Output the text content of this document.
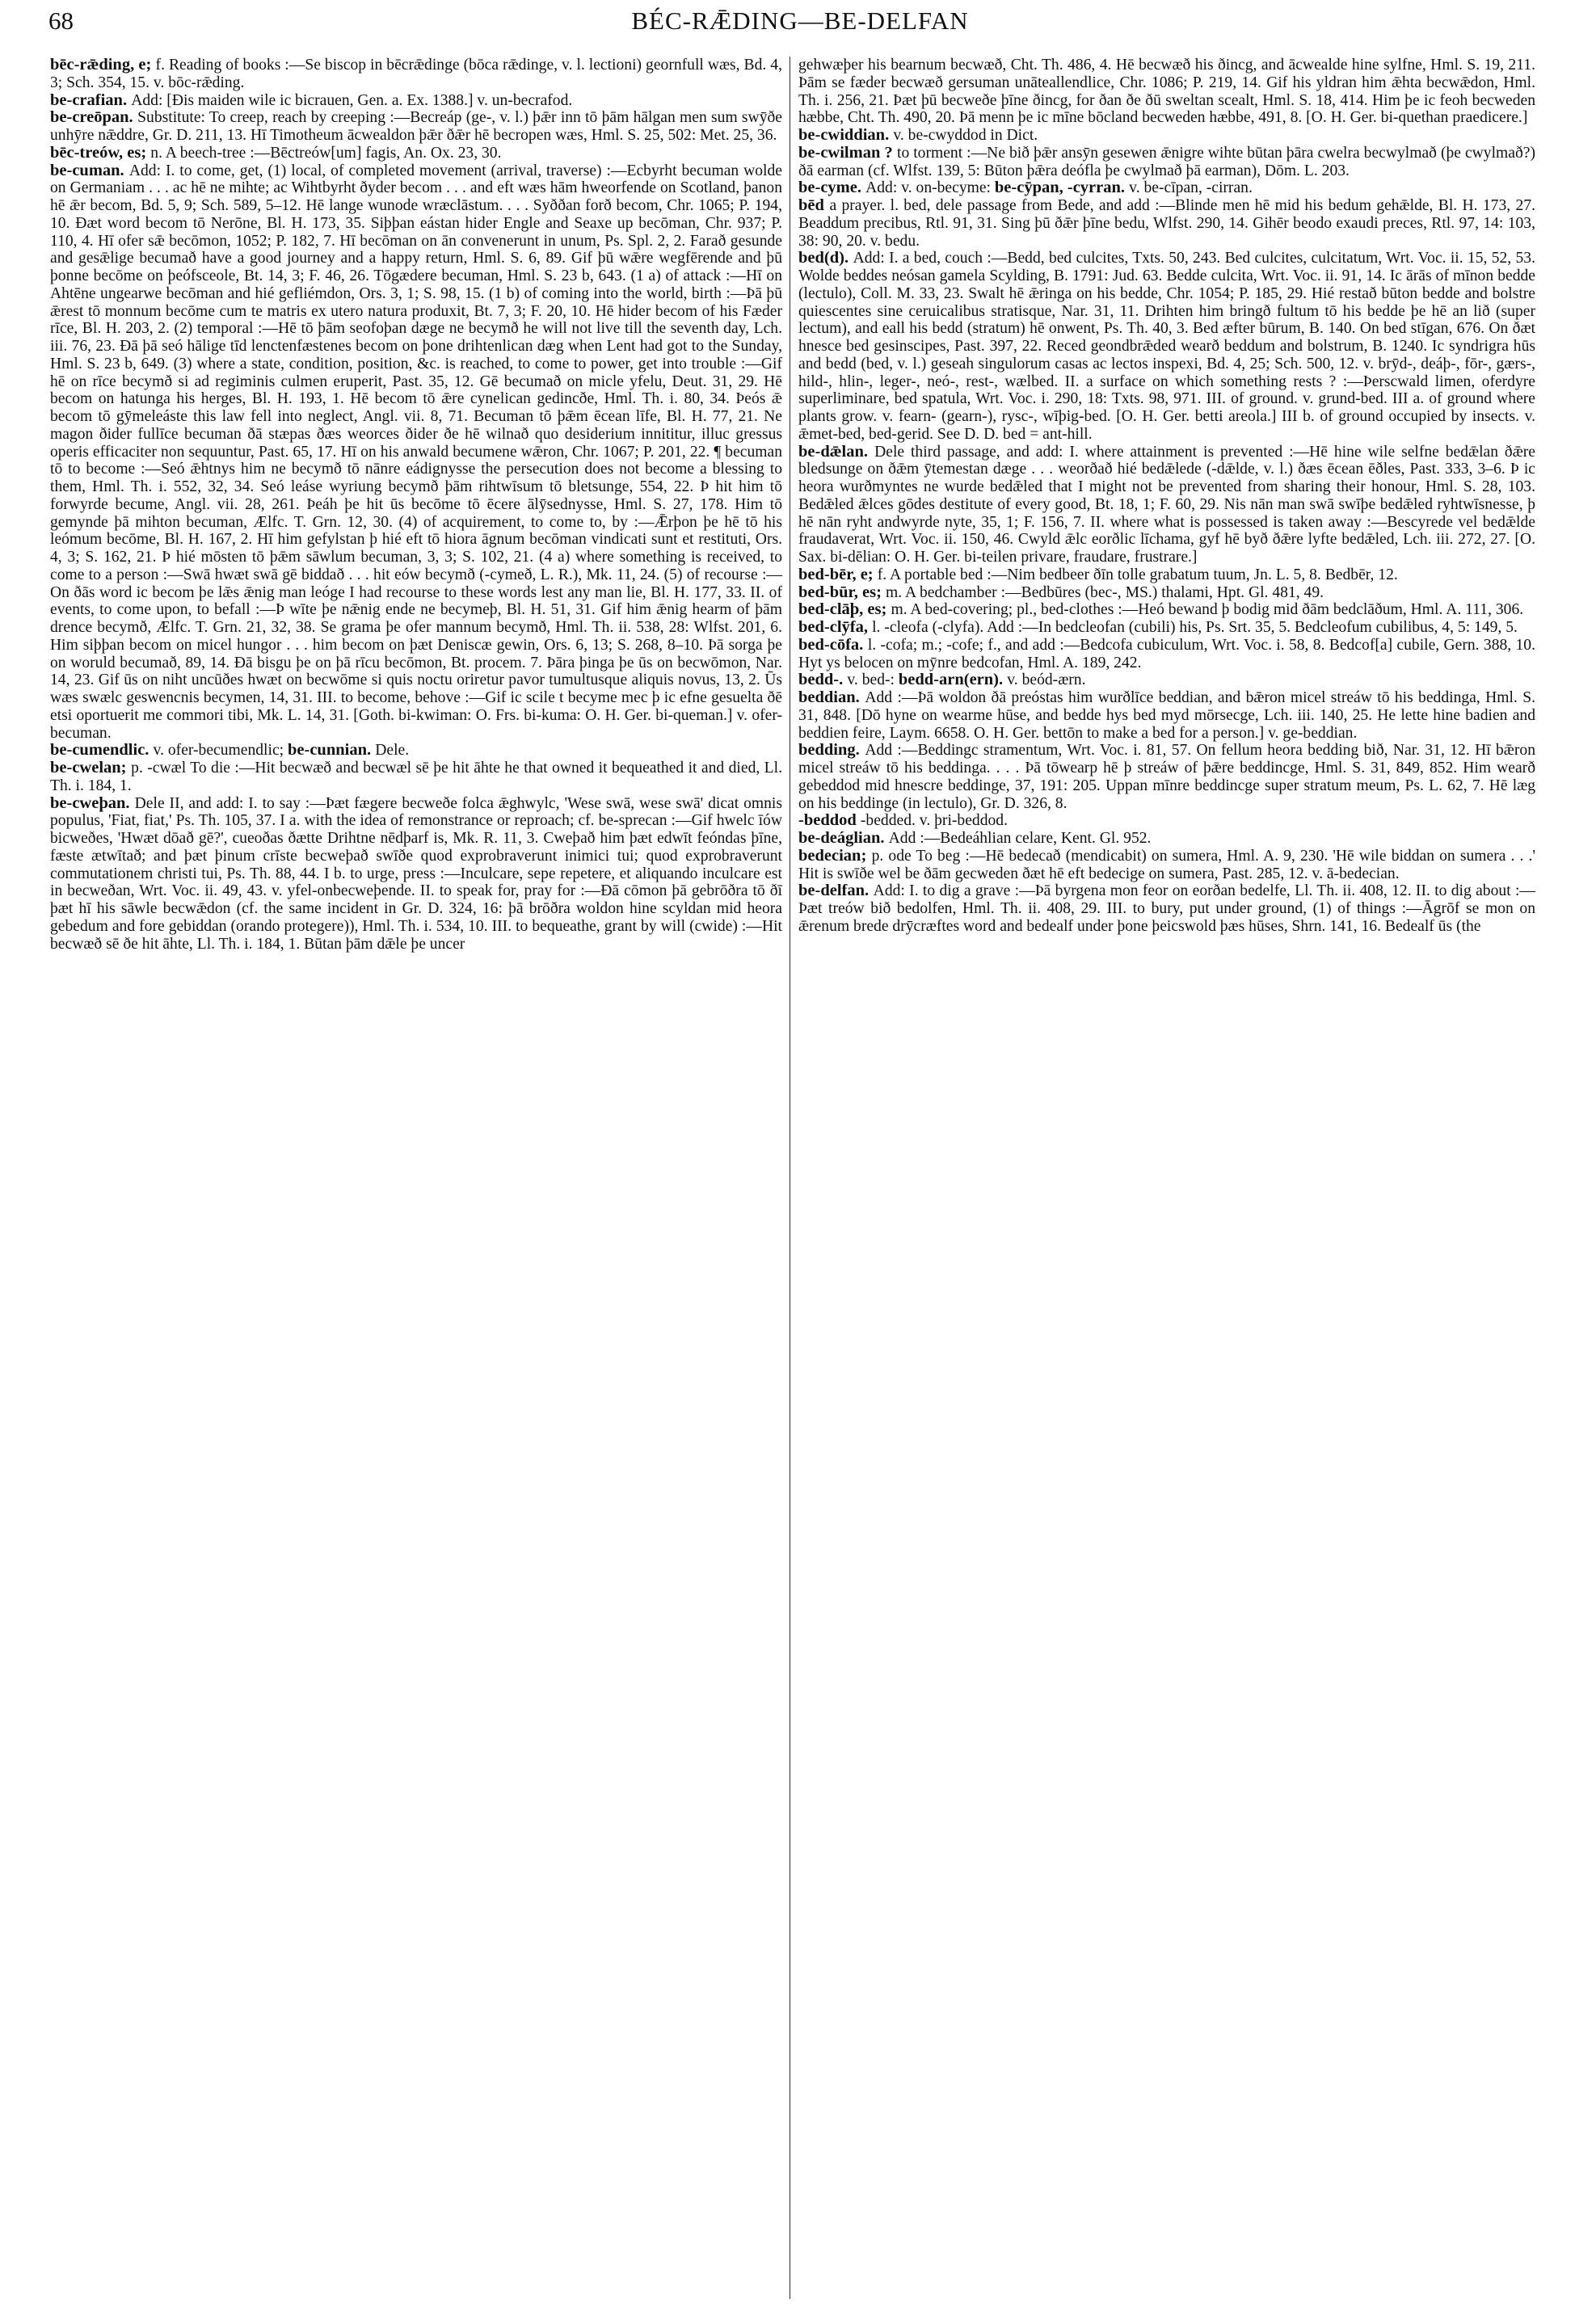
68	BÉC-RǢDING—BE-DELFAN

bēc-rǣding, e; f. Reading of books :—Se biscop in bēcrǣdinge (bōca rǣdinge, v. l. lectioni) geornfull wæs, Bd. 4, 3; Sch. 354, 15. v. bōc-rǣding.

be-crafian. Add: [Ðis maiden wile ic bicrauen, Gen. a. Ex. 1388.] v. un-becrafod.

be-creōpan. Substitute: To creep, reach by creeping :—Becreáp (ge-, v. l.) þǣr inn tō þām hālgan men sum swȳðe unhȳre nǣddre, Gr. D. 211, 13. Hī Timotheum ācwealdon þǣr ðǣr hē becropen wæs, Hml. S. 25, 502: Met. 25, 36.

bēc-treów, es; n. A beech-tree :—Bēctreów[um] fagis, An. Ox. 23, 30.

be-cuman. Add: I. to come, get, (1) local, of completed movement (arrival, traverse) :—Ecbyrht becuman wolde on Germaniam . . . ac hē ne mihte; ac Wihtbyrht ðyder becom . . . and eft wæs hām hweorfende on Scotland, þanon hē ǣr becom, Bd. 5, 9; Sch. 589, 5–12. Hē lange wunode wræclāstum. . . . Syððan forð becom, Chr. 1065; P. 194, 10. Ðæt word becom tō Nerōne, Bl. H. 173, 35. Siþþan eástan hider Engle and Seaxe up becōman, Chr. 937; P. 110, 4. Hī ofer sǣ becōmon, 1052; P. 182, 7. Hī becōman on ān convenerunt in unum, Ps. Spl. 2, 2. Farað gesunde and gesǣlige becumað have a good journey and a happy return, Hml. S. 6, 89. Gif þū wǣre wegfērende and þū þonne becōme on þeófsceole, Bt. 14, 3; F. 46, 26. Tōgædere becuman, Hml. S. 23 b, 643. (1 a) of attack :—Hī on Ahtēne ungearwe becōman and hié gefliémdon, Ors. 3, 1; S. 98, 15. (1 b) of coming into the world, birth :—Þā þū ǣrest tō monnum becōme cum te matris ex utero natura produxit, Bt. 7, 3; F. 20, 10. Hē hider becom of his Fæder rīce, Bl. H. 203, 2. (2) temporal :—Hē tō þām seofoþan dæge ne becymð he will not live till the seventh day, Lch. iii. 76, 23. Ðā þā seó hālige tīd lenctenfæstenes becom on þone drihtenlican dæg when Lent had got to the Sunday, Hml. S. 23 b, 649. (3) where a state, condition, position, &c. is reached, to come to power, get into trouble :—Gif hē on rīce becymð si ad regiminis culmen eruperit, Past. 35, 12. Gē becumað on micle yfelu, Deut. 31, 29. Hē becom on hatunga his herges, Bl. H. 193, 1. Hē becom tō ǣre cynelican gedincðe, Hml. Th. i. 80, 34. Þeós ǣ becom tō gȳmeleáste this law fell into neglect, Angl. vii. 8, 71. Becuman tō þǣm ēcean līfe, Bl. H. 77, 21. Ne magon ðider fullīce becuman ðā stæpas ðæs weorces ðider ðe hē wilnað quo desiderium innititur, illuc gressus operis efficaciter non sequuntur, Past. 65, 17. Hī on his anwald becumene wǣron, Chr. 1067; P. 201, 22. ¶ becuman tō to become :—Seó ǣhtnys him ne becymð tō nānre eádignysse the persecution does not become a blessing to them, Hml. Th. i. 552, 32, 34. Seó leáse wyriung becymð þām rihtwīsum tō bletsunge, 554, 22. Þ hit him tō forwyrde becume, Angl. vii. 28, 261. Þeáh þe hit ūs becōme tō ēcere ālȳsednysse, Hml. S. 27, 178. Him tō gemynde þā mihton becuman, Ælfc. T. Grn. 12, 30. (4) of acquirement, to come to, by :—Ǣrþon þe hē tō his leómum becōme, Bl. H. 167, 2. Hī him gefylstan þ hié eft tō hiora āgnum becōman vindicati sunt et restituti, Ors. 4, 3; S. 162, 21. Þ hié mōsten tō þǣm sāwlum becuman, 3, 3; S. 102, 21. (4 a) where something is received, to come to a person :—Swā hwæt swā gē biddað . . . hit eów becymð (-cymeð, L. R.), Mk. 11, 24. (5) of recourse :—On ðās word ic becom þe lǣs ǣnig man leóge I had recourse to these words lest any man lie, Bl. H. 177, 33. II. of events, to come upon, to befall :—Þ wīte þe nǣnig ende ne becymeþ, Bl. H. 51, 31. Gif him ǣnig hearm of þām drence becymð, Ælfc. T. Grn. 21, 32, 38. Se grama þe ofer mannum becymð, Hml. Th. ii. 538, 28: Wlfst. 201, 6. Him siþþan becom on micel hungor . . . him becom on þæt Deniscæ gewin, Ors. 6, 13; S. 268, 8–10. Þā sorga þe on woruld becumað, 89, 14. Ðā bisgu þe on þā rīcu becōmon, Bt. procem. 7. Þāra þinga þe ūs on becwōmon, Nar. 14, 23. Gif ūs on niht uncūðes hwæt on becwōme si quis noctu oriretur pavor tumultusque aliquis novus, 13, 2. Ūs wæs swælc geswencnis becymen, 14, 31. III. to become, behove :—Gif ic scile t becyme mec þ ic efne gesuelta ðē etsi oportuerit me commori tibi, Mk. L. 14, 31. [Goth. bi-kwiman: O. Frs. bi-kuma: O. H. Ger. bi-queman.] v. ofer-becuman.

be-cumendlic. v. ofer-becumendlic; be-cunnian. Dele.

be-cwelan; p. -cwæl To die :—Hit becwæð and becwæl sē þe hit āhte he that owned it bequeathed it and died, Ll. Th. i. 184, 1.

be-cweþan. Dele II, and add: I. to say :—Þæt fægere becweðe folca ǣghwylc, 'Wese swā, wese swā' dicat omnis populus, 'Fiat, fiat,' Ps. Th. 105, 37. I a. with the idea of remonstrance or reproach; cf. be-sprecan :—Gif hwelc īów bicweðes, 'Hwæt dōað gē?', cueoðas ðætte Drihtne nēdþarf is, Mk. R. 11, 3. Cweþað him þæt edwīt feóndas þīne, fæste ætwītað; and þæt þinum crīste becweþað swīðe quod exprobraverunt inimici tui; quod exprobraverunt commutationem christi tui, Ps. Th. 88, 44. I b. to urge, press :—Inculcare, sepe repetere, et aliquando inculcare est in becweðan, Wrt. Voc. ii. 49, 43. v. yfel-onbecweþende. II. to speak for, pray for :—Ðā cōmon þā gebrōðra tō ðī þæt hī his sāwle becwǣdon (cf. the same incident in Gr. D. 324, 16: þā brōðra woldon hine scyldan mid heora gebedum and fore gebiddan (orando protegere)), Hml. Th. i. 534, 10. III. to bequeathe, grant by will (cwide) :—Hit becwæð sē ðe hit āhte, Ll. Th. i. 184, 1. Būtan þām dǣle þe uncer

gehwæþer his bearnum becwæð, Cht. Th. 486, 4. Hē becwæð his ðincg, and ācwealde hine sylfne, Hml. S. 19, 211. Þām se fæder becwæð gersuman unāteallendlice, Chr. 1086; P. 219, 14. Gif his yldran him ǣhta becwǣdon, Hml. Th. i. 256, 21. Þæt þū becweðe þīne ðincg, for ðan ðe ðū sweltan scealt, Hml. S. 18, 414. Him þe ic feoh becweden hæbbe, Cht. Th. 490, 20. Þā menn þe ic mīne bōcland becweden hæbbe, 491, 8. [O. H. Ger. bi-quethan praedicere.]

be-cwiddian. v. be-cwyddod in Dict.

be-cwilman ? to torment :—Ne bið þǣr ansȳn gesewen ǣnigre wihte būtan þāra cwelra becwylmað (þe cwylmað?) ðā earman (cf. Wlfst. 139, 5: Būton þǣra deófla þe cwylmað þā earman), Dōm. L. 203.

be-cyme. Add: v. on-becyme: be-cȳpan, -cyrran. v. be-cīpan, -cirran.

bēd a prayer. l. bed, dele passage from Bede, and add :—Blinde men hē mid his bedum gehǣlde, Bl. H. 173, 27. Beaddum precibus, Rtl. 91, 31. Sing þū ðǣr þīne bedu, Wlfst. 290, 14. Gihēr beodo exaudi preces, Rtl. 97, 14: 103, 38: 90, 20. v. bedu.

bed(d). Add: I. a bed, couch :—Bedd, bed culcites, Txts. 50, 243. Bed culcites, culcitatum, Wrt. Voc. ii. 15, 52, 53. Wolde beddes neósan gamela Scylding, B. 1791: Jud. 63. Bedde culcita, Wrt. Voc. ii. 91, 14. Ic ārās of mīnon bedde (lectulo), Coll. M. 33, 23. Swalt hē ǣringa on his bedde, Chr. 1054; P. 185, 29. Hié restað būton bedde and bolstre quiescentes sine ceruicalibus stratisque, Nar. 31, 11. Drihten him bringð fultum tō his bedde þe hē an lið (super lectum), and eall his bedd (stratum) hē onwent, Ps. Th. 40, 3. Bed æfter būrum, B. 140. On bed stīgan, 676. On ðæt hnesce bed gesinscipes, Past. 397, 22. Reced geondbrǣded wearð beddum and bolstrum, B. 1240. Ic syndrigra hūs and bedd (bed, v. l.) geseah singulorum casas ac lectos inspexi, Bd. 4, 25; Sch. 500, 12. v. brȳd-, deáþ-, fōr-, gærs-, hild-, hlin-, leger-, neó-, rest-, wælbed. II. a surface on which something rests ? :—Þerscwald limen, oferdyre superliminare, bed spatula, Wrt. Voc. i. 290, 18: Txts. 98, 971. III. of ground. v. grund-bed. III a. of ground where plants grow. v. fearn- (gearn-), rysc-, wīþig-bed. [O. H. Ger. betti areola.] III b. of ground occupied by insects. v. ǣmet-bed, bed-gerid. See D. D. bed = ant-hill.

be-dǣlan. Dele third passage, and add: I. where attainment is prevented :—Hē hine wile selfne bedǣlan ðǣre bledsunge on ðǣm ȳtemestan dæge . . . weorðað hié bedǣlede (-dǣlde, v. l.) ðæs ēcean ēðles, Past. 333, 3–6. Þ ic heora wurðmyntes ne wurde bedǣled that I might not be prevented from sharing their honour, Hml. S. 28, 103. Bedǣled ǣlces gōdes destitute of every good, Bt. 18, 1; F. 60, 29. Nis nān man swā swīþe bedǣled ryhtwīsnesse, þ hē nān ryht andwyrde nyte, 35, 1; F. 156, 7. II. where what is possessed is taken away :—Bescyrede vel bedǣlde fraudaverat, Wrt. Voc. ii. 150, 46. Cwyld ǣlc eorðlic līchama, gyf hē byð ðǣre lyfte bedǣled, Lch. iii. 272, 27. [O. Sax. bi-dēlian: O. H. Ger. bi-teilen privare, fraudare, frustrare.]

bed-bēr, e; f. A portable bed :—Nim bedbeer ðīn tolle grabatum tuum, Jn. L. 5, 8. Bedbēr, 12.

bed-būr, es; m. A bedchamber :—Bedbūres (bec-, MS.) thalami, Hpt. Gl. 481, 49.

bed-clāþ, es; m. A bed-covering; pl., bed-clothes :—Heó bewand þ bodig mid ðām bedclāðum, Hml. A. 111, 306.

bed-clȳfa, l. -cleofa (-clyfa). Add :—In bedcleofan (cubili) his, Ps. Srt. 35, 5. Bedcleofum cubilibus, 4, 5: 149, 5.

bed-cōfa. l. -cofa; m.; -cofe; f., and add :—Bedcofa cubiculum, Wrt. Voc. i. 58, 8. Bedcof[a] cubile, Gern. 388, 10. Hyt ys belocen on mȳnre bedcofan, Hml. A. 189, 242.

bedd-. v. bed-: bedd-arn(ern). v. beód-ærn.

beddian. Add :—Þā woldon ðā preóstas him wurðlīce beddian, and bǣron micel streáw tō his beddinga, Hml. S. 31, 848. [Dō hyne on wearme hūse, and bedde hys bed myd mōrsecge, Lch. iii. 140, 25. He lette hine badien and beddien feire, Laym. 6658. O. H. Ger. bettōn to make a bed for a person.] v. ge-beddian.

bedding. Add :—Beddingc stramentum, Wrt. Voc. i. 81, 57. On fellum heora bedding bið, Nar. 31, 12. Hī bǣron micel streáw tō his beddinga. . . . Þā tōwearp hē þ streáw of þǣre beddincge, Hml. S. 31, 849, 852. Him wearð gebeddod mid hnescre beddinge, 37, 191: 205. Uppan mīnre beddincge super stratum meum, Ps. L. 62, 7. Hē læg on his beddinge (in lectulo), Gr. D. 326, 8.

-beddod -bedded. v. þri-beddod.

be-deáglian. Add :—Bedeáhlian celare, Kent. Gl. 952.

bedecian; p. ode To beg :—Hē bedecað (mendicabit) on sumera, Hml. A. 9, 230. 'Hē wile biddan on sumera . . .' Hit is swīðe wel be ðām gecweden ðæt hē eft bedecige on sumera, Past. 285, 12. v. ā-bedecian.

be-delfan. Add: I. to dig a grave :—Þā byrgena mon feor on eorðan bedelfe, Ll. Th. ii. 408, 12. II. to dig about :—Þæt treów bið bedolfen, Hml. Th. ii. 408, 29. III. to bury, put under ground, (1) of things :—Āgrōf se mon on ǣrenum brede drȳcræftes word and bedealf under þone þeicswold þæs hūses, Shrn. 141, 16. Bedealf ūs (the
